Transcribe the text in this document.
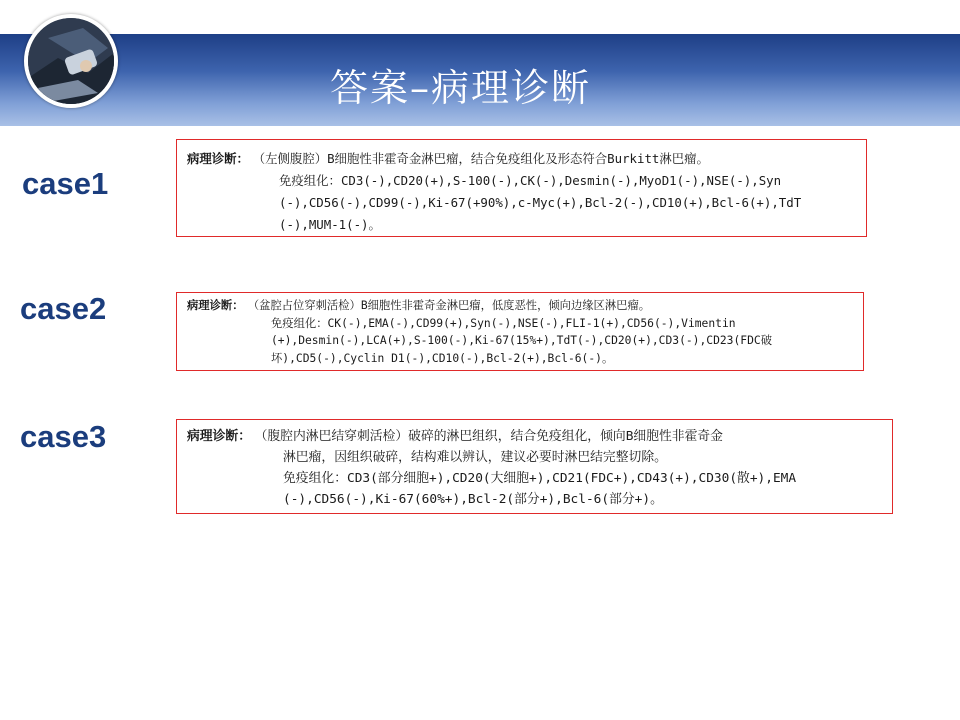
答案–病理诊断
case1
病理诊断： （左侧腹腔）B细胞性非霍奇金淋巴瘤，结合免疫组化及形态符合Burkitt淋巴瘤。
免疫组化：CD3(-),CD20(+),S-100(-),CK(-),Desmin(-),MyoD1(-),NSE(-),Syn
(-),CD56(-),CD99(-),Ki-67(+90%),c-Myc(+),Bcl-2(-),CD10(+),Bcl-6(+),TdT
(-),MUM-1(-)。
case2	病理诊断： （盆腔占位穿刺活检）B细胞性非霍奇金淋巴瘤，低度恶性，倾向边缘区淋巴瘤。
免疫组化：CK(-),EMA(-),CD99(+),Syn(-),NSE(-),FLI-1(+),CD56(-),Vimentin
(+),Desmin(-),LCA(+),S-100(-),Ki-67(15%+),TdT(-),CD20(+),CD3(-),CD23(FDC破
坏),CD5(-),Cyclin D1(-),CD10(-),Bcl-2(+),Bcl-6(-)。
case3	病理诊断： （腹腔内淋巴结穿刺活检）破碎的淋巴组织，结合免疫组化，倾向B细胞性非霍奇金
淋巴瘤，因组织破碎，结构难以辨认，建议必要时淋巴结完整切除。
免疫组化：CD3(部分细胞+),CD20(大细胞+),CD21(FDC+),CD43(+),CD30(散+),EMA
(-),CD56(-),Ki-67(60%+),Bcl-2(部分+),Bcl-6(部分+)。
